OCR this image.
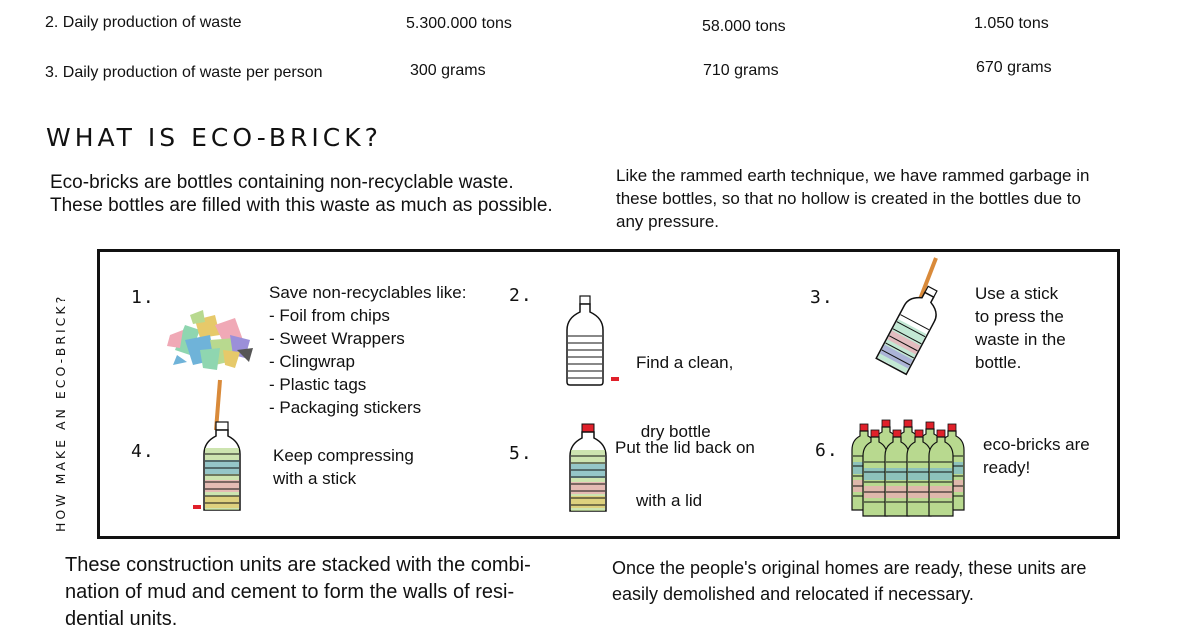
2. Daily production of waste	5.300.000 tons	58.000 tons	1.050 tons
3. Daily production of waste per person	300 grams	710 grams	670 grams
WHAT IS ECO-BRICK?
Eco-bricks are bottles containing non-recyclable waste.
These bottles are filled with this waste as much as possible.
Like the rammed earth technique, we have rammed garbage in
these bottles, so that no hollow is created in the bottles due to
any pressure.
HOW MAKE AN ECO-BRICK?	1.	2.	3.
4.	5.	6.
Save non-recyclables like:
- Foil from chips
- Sweet Wrappers
- Clingwrap
- Plastic tags
- Packaging stickers

Find a clean,

dry bottle

with a lid

Use a stick
to press the
waste in the
bottle.
Keep compressing
with a stick
Put the lid back on	eco-bricks are
ready!
These construction units are stacked with the combi-
nation of mud and cement to form the walls of resi-
dential units.
Once the people's original homes are ready, these units are
easily demolished and relocated if necessary.
